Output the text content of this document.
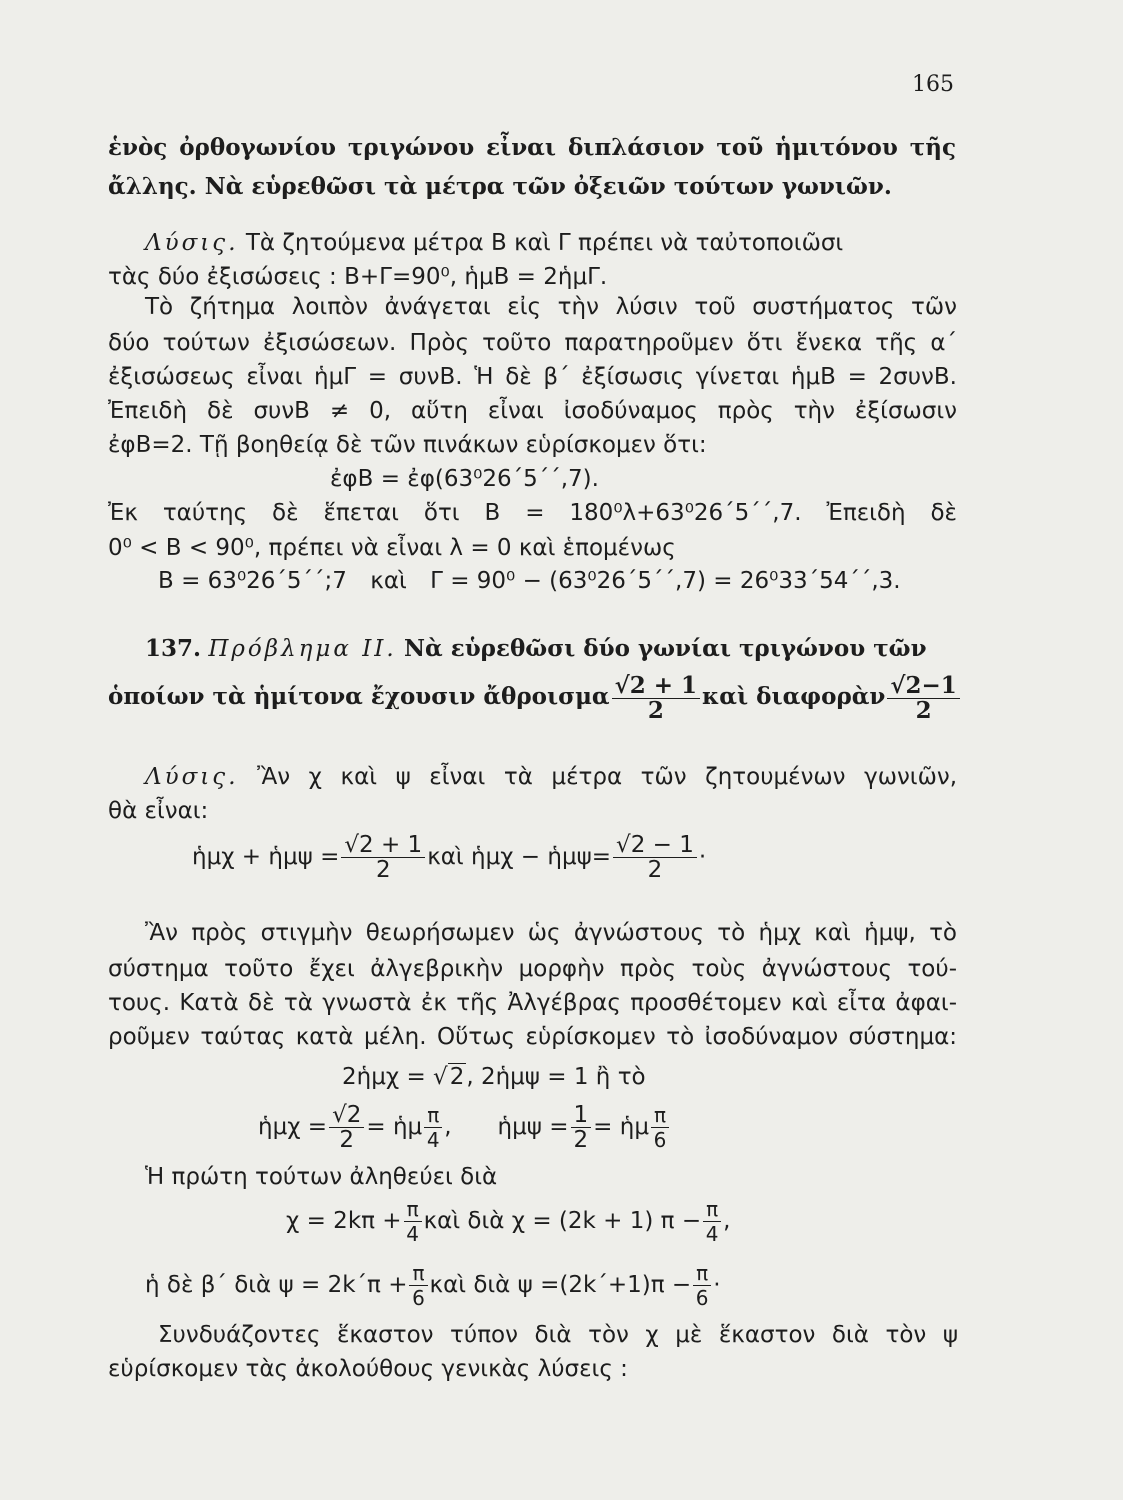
165
ἑνὸς ὀρθογωνίου τριγώνου εἶναι διπλάσιον τοῦ ἡμιτόνου τῆς
ἄλλης. Νὰ εὑρεθῶσι τὰ μέτρα τῶν ὀξειῶν τούτων γωνιῶν.
Λύσις. Τὰ ζητούμενα μέτρα Β καὶ Γ πρέπει νὰ ταὐτοποιῶσι
τὰς δύο ἐξισώσεις : Β+Γ=90⁰, ἡμΒ = 2ἡμΓ.
Τὸ ζήτημα λοιπὸν ἀνάγεται εἰς τὴν λύσιν τοῦ συστήματος τῶν
δύο τούτων ἐξισώσεων. Πρὸς τοῦτο παρατηροῦμεν ὅτι ἕνεκα τῆς α΄
ἐξισώσεως εἶναι ἡμΓ = συνΒ. Ἡ δὲ β΄ ἐξίσωσις γίνεται ἡμΒ = 2συνΒ.
Ἐπειδὴ δὲ συνΒ ≠ 0, αὕτη εἶναι ἰσοδύναμος πρὸς τὴν ἐξίσωσιν
ἐφΒ=2. Τῇ βοηθείᾳ δὲ τῶν πινάκων εὑρίσκομεν ὅτι:
ἐφΒ = ἐφ(63⁰26΄5΄΄,7).
Ἐκ ταύτης δὲ ἕπεται ὅτι Β = 180⁰λ+63⁰26΄5΄΄,7. Ἐπειδὴ δὲ
0⁰ < Β < 90⁰, πρέπει νὰ εἶναι λ = 0 καὶ ἑπομένως
Β = 63⁰26΄5΄΄;7 καὶ Γ = 90⁰ − (63⁰26΄5΄΄,7) = 26⁰33΄54΄΄,3.
137. Πρόβλημα ΙΙ. Νὰ εὑρεθῶσι δύο γωνίαι τριγώνου τῶν
ὁποίων τὰ ἡμίτονα ἔχουσιν ἄθροισμα $\frac{√2 + 1}{2}$ καὶ διαφορὰν $\frac{√2-1}{2}$
Λύσις. Ἂν χ καὶ ψ εἶναι τὰ μέτρα τῶν ζητουμένων γωνιῶν,
θὰ εἶναι:
ἡμχ + ἡμψ = $\frac{√2 + 1}{2}$ καὶ ἡμχ − ἡμψ= $\frac{√2 - 1}{2}$ ·
Ἂν πρὸς στιγμὴν θεωρήσωμεν ὡς ἀγνώστους τὸ ἡμχ καὶ ἡμψ, τὸ
σύστημα τοῦτο ἔχει ἀλγεβρικὴν μορφὴν πρὸς τοὺς ἀγνώστους τού-
τους. Κατὰ δὲ τὰ γνωστὰ ἐκ τῆς Ἀλγέβρας προσθέτομεν καὶ εἶτα ἀφαι-
ροῦμεν ταύτας κατὰ μέλη. Οὕτως εὑρίσκομεν τὸ ἰσοδύναμον σύστημα:
2ἡμχ = √2, 2ἡμψ = 1 ἢ τὸ
ἡμχ = $\frac{√2}{2}$ = ἡμ $\frac{\pi}{4}$ , ἡμψ = $\frac{1}{2}$ = ἡμ $\frac{\pi}{6}$
Ἡ πρώτη τούτων ἀληθεύει διὰ
$\chi = 2k\pi + \frac{\pi}{4}$ καὶ διὰ χ = (2k + 1) $\pi - \frac{\pi}{4}$ ,
ἡ δὲ β΄ διὰ $\psi = 2k΄\pi + \frac{\pi}{6}$ καὶ διὰ $\psi =(2k΄+1)\pi - \frac{\pi}{6}$ ·
Συνδυάζοντες ἕκαστον τύπον διὰ τὸν χ μὲ ἕκαστον διὰ τὸν ψ
εὑρίσκομεν τὰς ἀκολούθους γενικὰς λύσεις :
